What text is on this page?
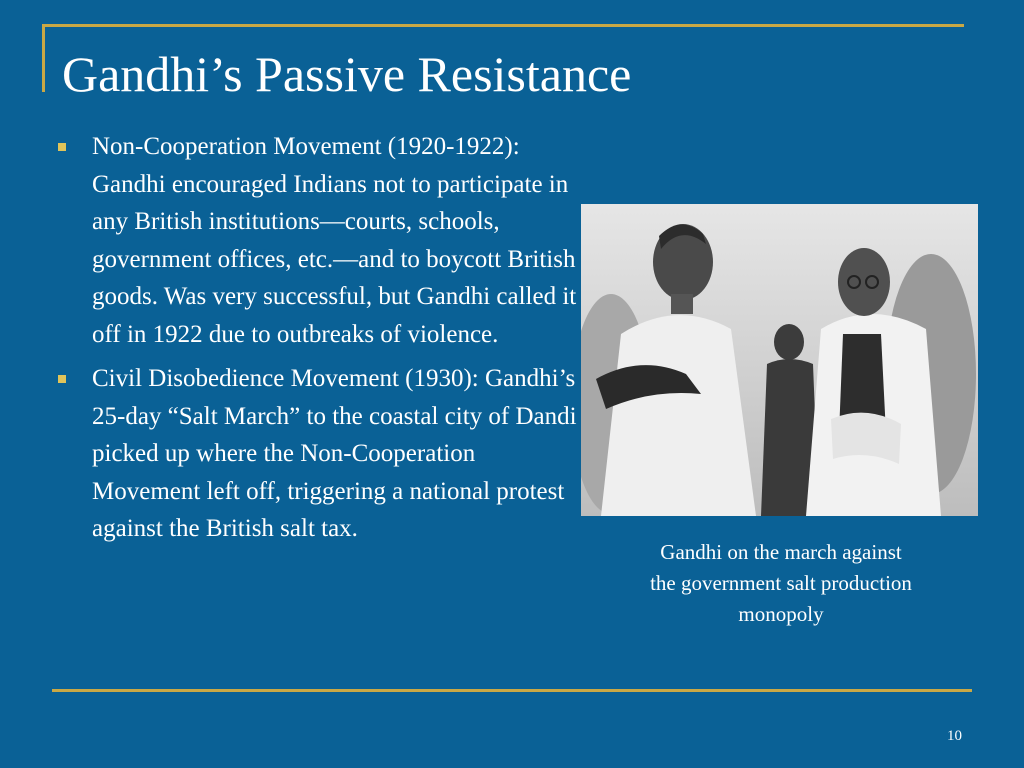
Gandhi’s Passive Resistance
Non-Cooperation Movement (1920-1922): Gandhi encouraged Indians not to participate in any British institutions—courts, schools, government offices, etc.—and to boycott British goods. Was very successful, but Gandhi called it off in 1922 due to outbreaks of violence.
Civil Disobedience Movement (1930): Gandhi’s 25-day “Salt March” to the coastal city of Dandi picked up where the Non-Cooperation Movement left off, triggering a national protest against the British salt tax.
Gandhi on the march against
the government salt production
monopoly
10
